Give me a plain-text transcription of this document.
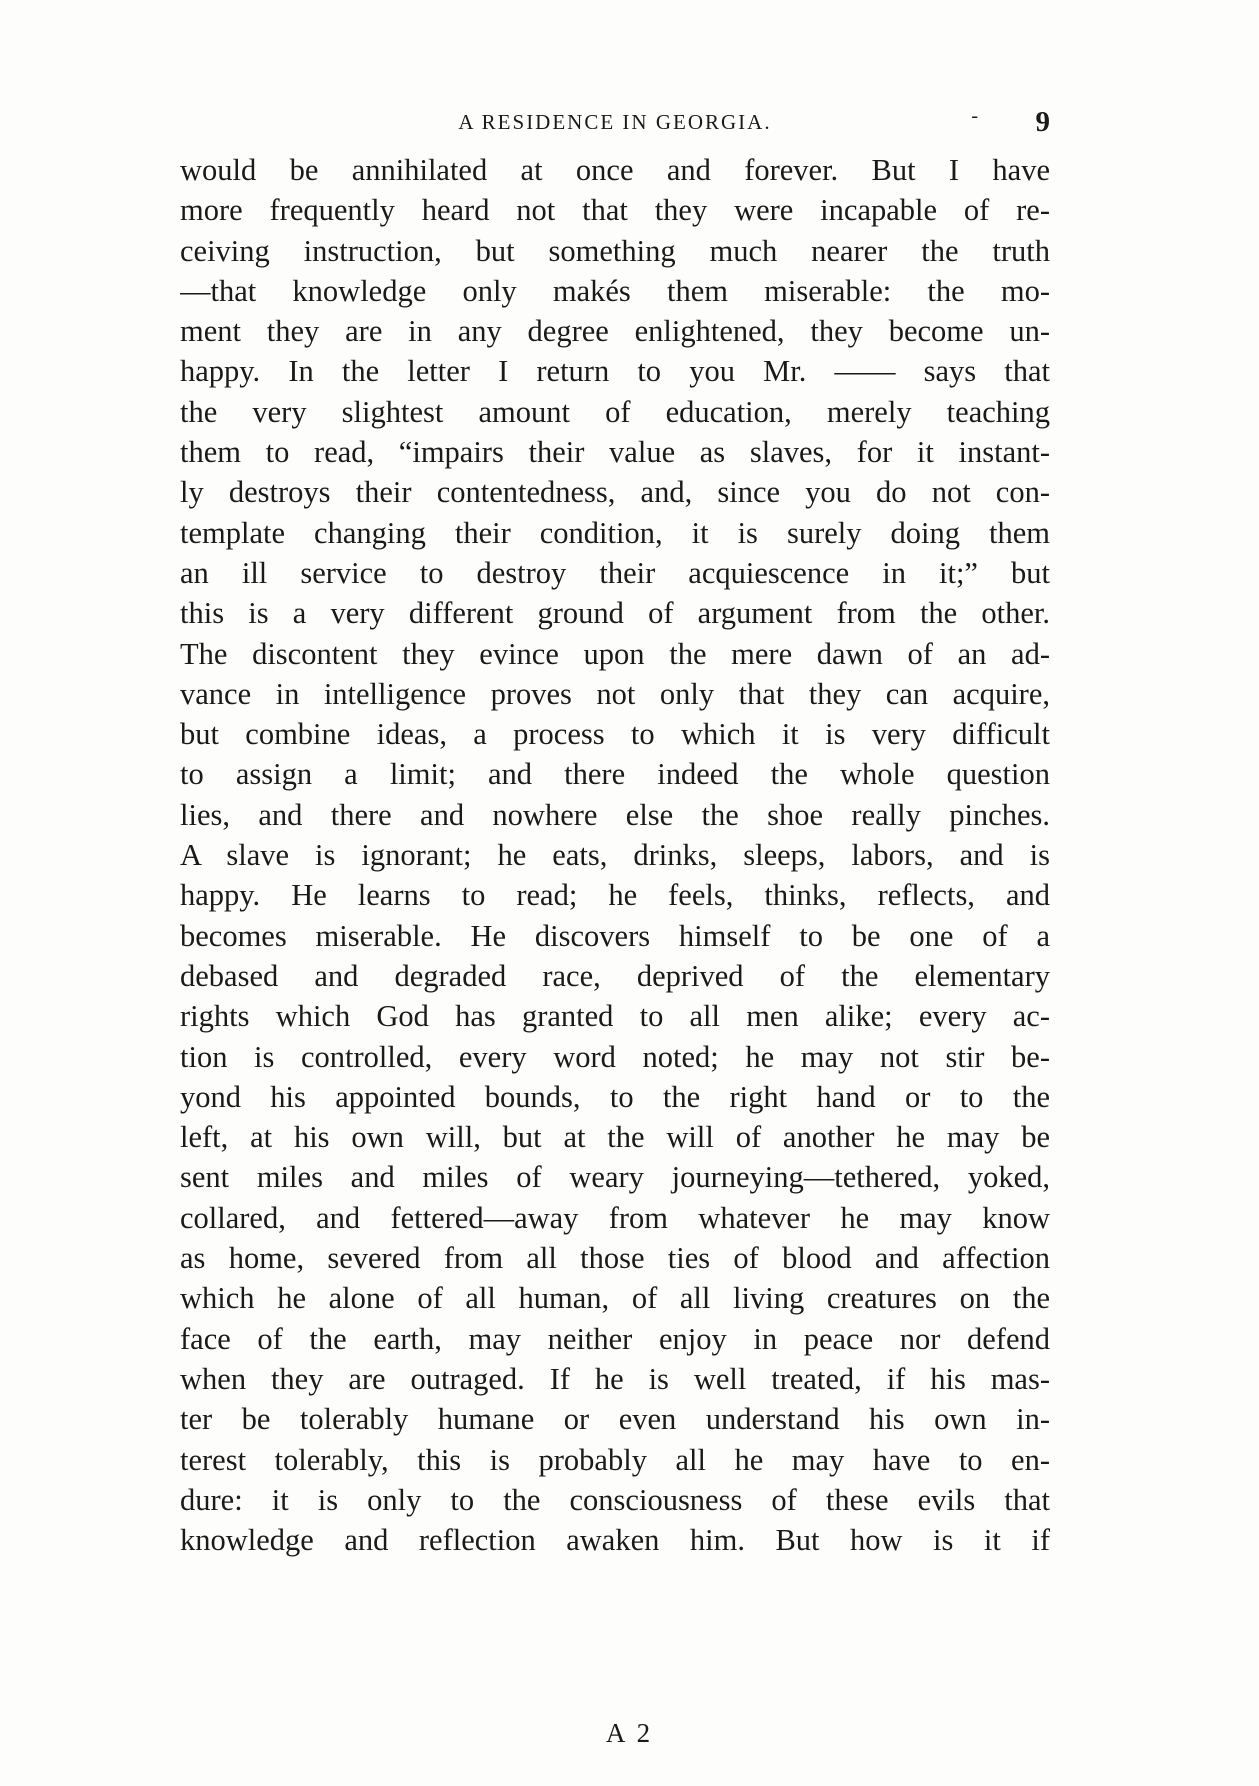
A RESIDENCE IN GEORGIA.	- 9
would be annihilated at once and forever. But I have
more frequently heard not that they were incapable of re-
ceiving instruction, but something much nearer the truth
—that knowledge only makés them miserable: the mo-
ment they are in any degree enlightened, they become un-
happy. In the letter I return to you Mr. —— says that
the very slightest amount of education, merely teaching
them to read, “impairs their value as slaves, for it instant-
ly destroys their contentedness, and, since you do not con-
template changing their condition, it is surely doing them
an ill service to destroy their acquiescence in it;” but
this is a very different ground of argument from the other.
The discontent they evince upon the mere dawn of an ad-
vance in intelligence proves not only that they can acquire,
but combine ideas, a process to which it is very difficult
to assign a limit; and there indeed the whole question
lies, and there and nowhere else the shoe really pinches.
A slave is ignorant; he eats, drinks, sleeps, labors, and is
happy. He learns to read; he feels, thinks, reflects, and
becomes miserable. He discovers himself to be one of a
debased and degraded race, deprived of the elementary
rights which God has granted to all men alike; every ac-
tion is controlled, every word noted; he may not stir be-
yond his appointed bounds, to the right hand or to the
left, at his own will, but at the will of another he may be
sent miles and miles of weary journeying—tethered, yoked,
collared, and fettered—away from whatever he may know
as home, severed from all those ties of blood and affection
which he alone of all human, of all living creatures on the
face of the earth, may neither enjoy in peace nor defend
when they are outraged. If he is well treated, if his mas-
ter be tolerably humane or even understand his own in-
terest tolerably, this is probably all he may have to en-
dure: it is only to the consciousness of these evils that
knowledge and reflection awaken him. But how is it if
A 2
